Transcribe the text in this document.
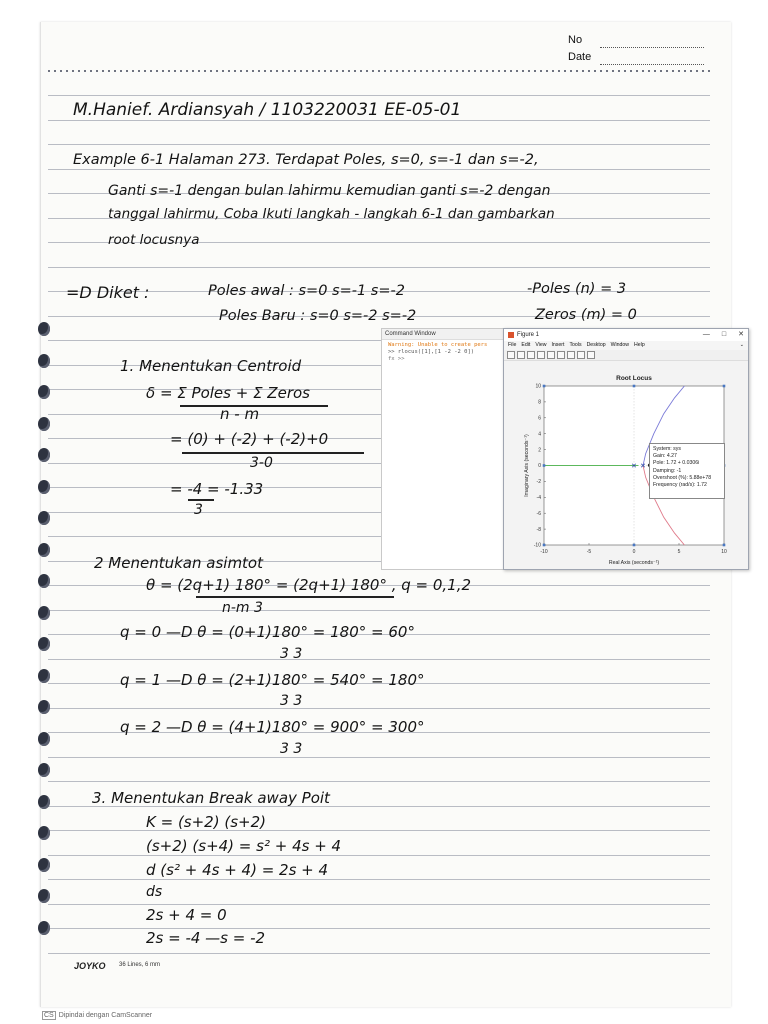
No
Date
M.Hanief. Ardiansyah / 1103220031 EE-05-01
Example 6-1 Halaman 273. Terdapat Poles, s=0, s=-1 dan s=-2,
Ganti s=-1 dengan bulan lahirmu kemudian ganti s=-2 dengan
tanggal lahirmu, Coba Ikuti langkah - langkah 6-1 dan gambarkan
root locusnya
=D Diket :	Poles awal : s=0 s=-1 s=-2	-Poles (n) = 3
Poles Baru : s=0 s=-2 s=-2	Zeros (m) = 0
1. Menentukan Centroid
δ = Σ Poles + Σ Zeros
n - m
= (0) + (-2) + (-2)+0
3-0
= -4 = -1.33
3
2 Menentukan asimtot
θ = (2q+1) 180° = (2q+1) 180° , q = 0,1,2
n-m 3
q = 0 —D θ = (0+1)180° = 180° = 60°
3 3
q = 1 —D θ = (2+1)180° = 540° = 180°
3 3
q = 2 —D θ = (4+1)180° = 900° = 300°
3 3
3. Menentukan Break away Poit
K = (s+2) (s+2)
(s+2) (s+4) = s² + 4s + 4
d (s² + 4s + 4) = 2s + 4
ds
2s + 4 = 0
2s = -4 —s = -2
JOYKO 36 Lines, 6 mm
CS Dipindai dengan CamScanner
Command Window
Warning: Unable to create pers
>> rlocus([1],[1 -2 -2 0])
fx >>
Figure 1	— □ ✕
File Edit View Insert Tools Desktop Window Help	⌄
Root Locus
Real Axis (seconds⁻¹)
Imaginary Axis (seconds⁻¹)
-10	-5	0	5	10
10
8
6
4
2
0
-2
-4
-6
-8
-10
System: sys
Gain: 4.27
Pole: 1.72 + 0.0306i
Damping: -1
Overshoot (%): 5.88e+78
Frequency (rad/s): 1.72
